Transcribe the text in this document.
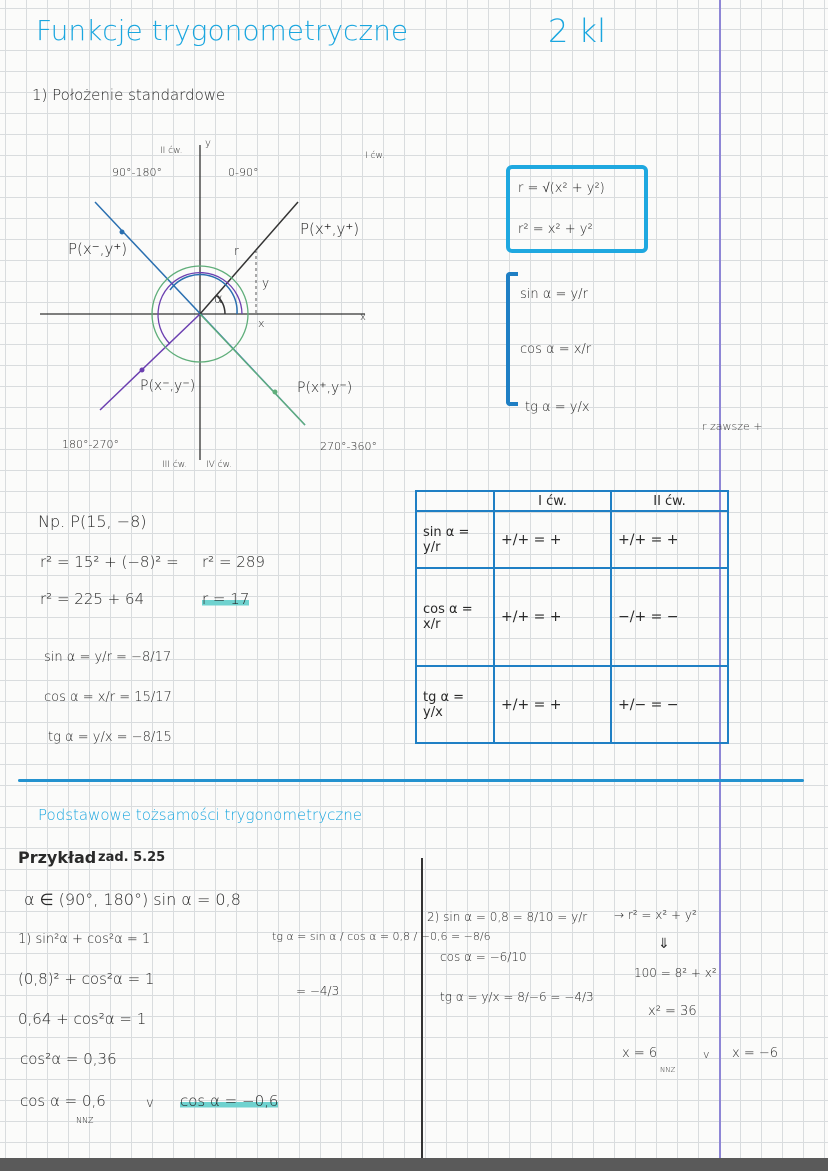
Funkcje trygonometryczne	2 kl
1) Położenie standardowe
II ćw.	I ćw.
III ćw. IV ćw.
90°-180°	0-90°
180°-270°	270°-360°
P(x⁺,y⁺)
P(x⁻,y⁺)
P(x⁻,y⁻)	P(x⁺,y⁻)
y
x
r
y
x
α
r = √(x² + y²)
r² = x² + y²
sin α = y/r
cos α = x/r
tg α = y/x
r zawsze +
	I ćw.	II ćw.
sin α = y/r	+/+ = +	+/+ = +
cos α = x/r	+/+ = +	−/+ = −
tg α = y/x	+/+ = +	+/− = −
Np. P(15, −8)
r² = 15² + (−8)² =
r² = 225 + 64
r² = 289
r = 17
sin α = y/r = −8/17
cos α = x/r = 15/17
tg α = y/x = −8/15
Podstawowe tożsamości trygonometryczne
Przykład zad. 5.25
α ∈ (90°, 180°) sin α = 0,8
1) sin²α + cos²α = 1
(0,8)² + cos²α = 1
0,64 + cos²α = 1
cos²α = 0,36
cos α = 0,6
NNZ
v cos α = −0,6
tg α = sin α / cos α = 0,8 / −0,6 = −8/6
= −4/3
2) sin α = 0,8 = 8/10 = y/r
cos α = −6/10
tg α = y/x = 8/−6 = −4/3
→ r² = x² + y²
⇓
100 = 8² + x²
x² = 36
x = 6
NNZ
v x = −6
